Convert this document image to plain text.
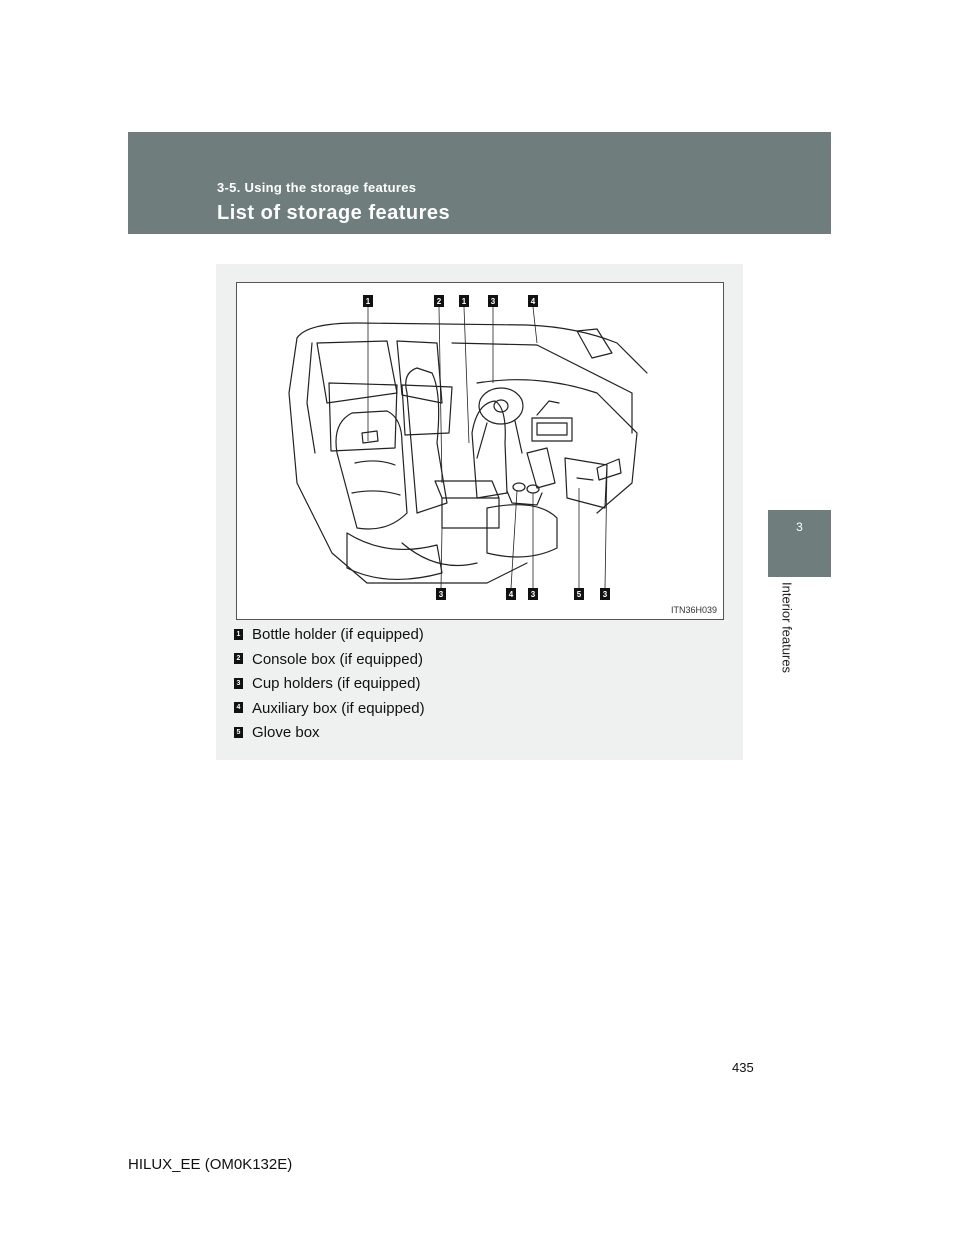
3-5. Using the storage features
List of storage features
3
Interior features
1	2	1	3	4
3	4 3	5	3
ITN36H039
1 Bottle holder (if equipped)
2 Console box (if equipped)
3 Cup holders (if equipped)
4 Auxiliary box (if equipped)
5 Glove box
435
HILUX_EE (OM0K132E)
